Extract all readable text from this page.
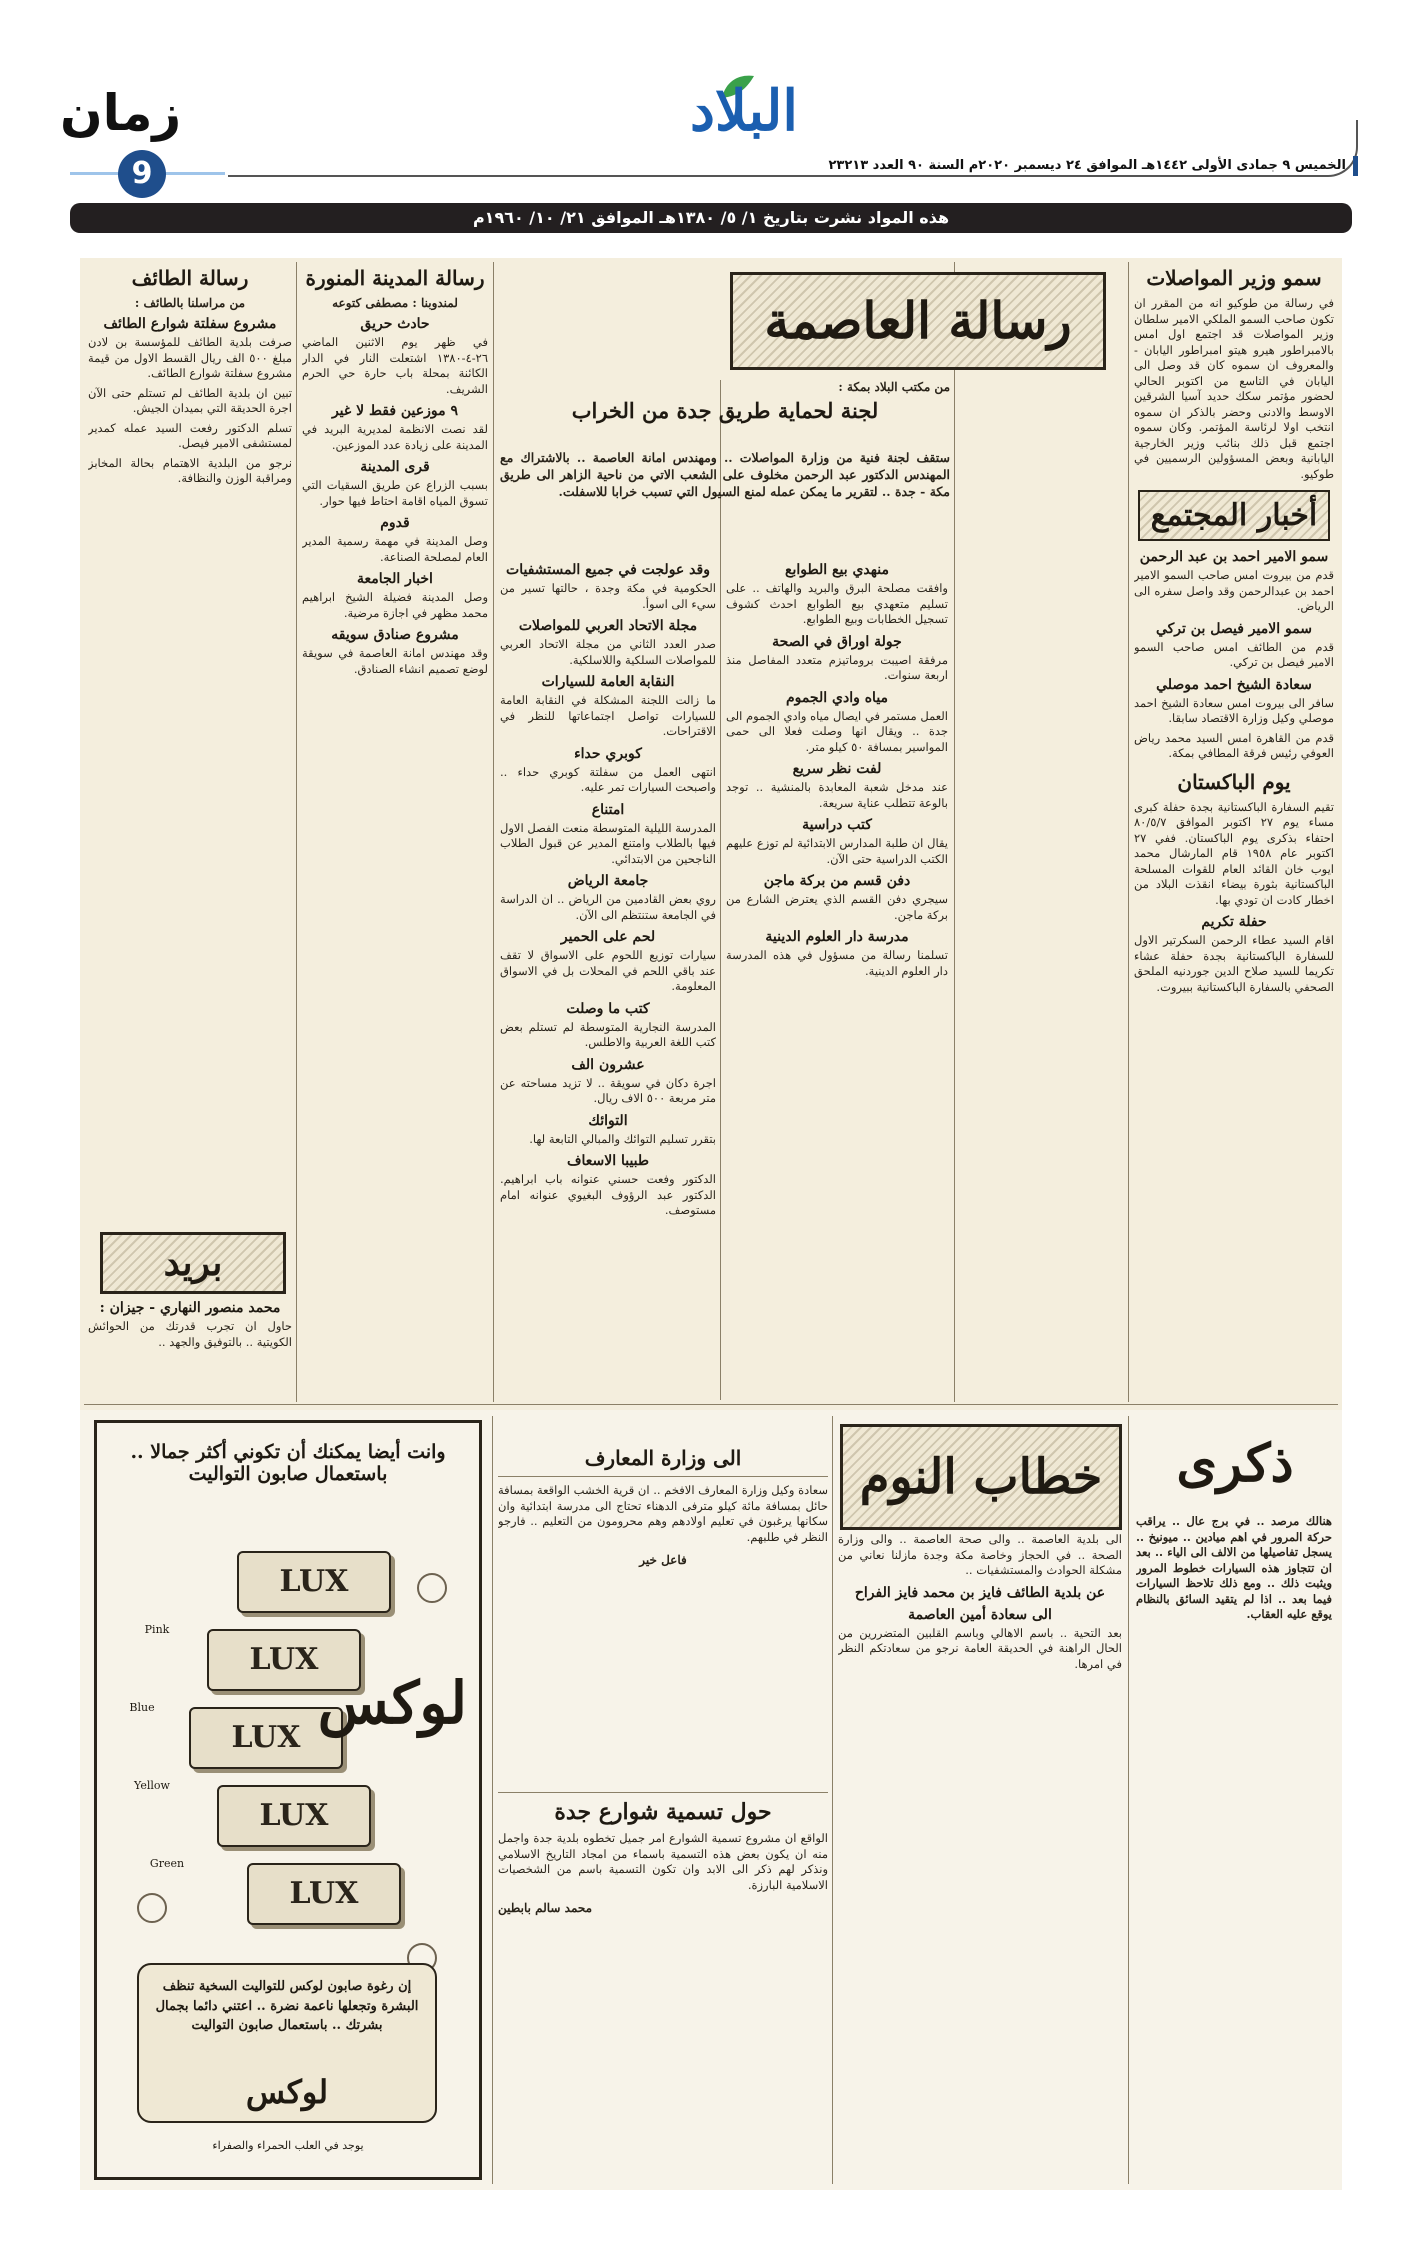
زمان
9
البلاد
الخميس ٩ جمادى الأولى ١٤٤٢هـ الموافق ٢٤ ديسمبر ٢٠٢٠م السنة ٩٠ العدد ٢٣٢١٣
هذه المواد نشرت بتاريخ ١/ ٥/ ١٣٨٠هـ الموافق ٢١/ ١٠/ ١٩٦٠م
سمو وزير المواصلات

في رسالة من طوكيو انه من المقرر ان تكون صاحب السمو الملكي الامير سلطان وزير المواصلات قد اجتمع اول امس بالامبراطور هيرو هيتو امبراطور اليابان - والمعروف ان سموه كان قد وصل الى اليابان في التاسع من اكتوبر الحالي لحضور مؤتمر سكك حديد آسيا الشرقين الاوسط والادنى وحضر بالذكر ان سموه انتخب اولا لرئاسة المؤتمر. وكان سموه اجتمع قبل ذلك بنائب وزير الخارجية اليابانية وبعض المسؤولين الرسميين في طوكيو.

أخبار المجتمع
سمو الامير احمد بن عبد الرحمن

قدم من بيروت امس صاحب السمو الامير احمد بن عبدالرحمن وقد واصل سفره الى الرياض.

سمو الامير فيصل بن تركي

قدم من الطائف امس صاحب السمو الامير فيصل بن تركي.

سعادة الشيخ احمد موصلي

سافر الى بيروت امس سعادة الشيخ احمد موصلي وكيل وزارة الاقتصاد سابقا.

قدم من القاهرة امس السيد محمد رياض العوفي رئيس فرقة المطافي بمكة.

يوم الباكستان

تقيم السفارة الباكستانية بجدة حفلة كبرى مساء يوم ٢٧ اكتوبر الموافق ٨٠/٥/٧ احتفاء بذكرى يوم الباكستان. ففي ٢٧ اكتوبر عام ١٩٥٨ قام المارشال محمد ايوب خان القائد العام للقوات المسلحة الباكستانية بثورة بيضاء انقذت البلاد من اخطار كادت ان تودي بها.

حفلة تكريم

اقام السيد عطاء الرحمن السكرتير الاول للسفارة الباكستانية بجدة حفلة عشاء تكريما للسيد صلاح الدين جوردنيه الملحق الصحفي بالسفارة الباكستانية ببيروت.

رسالة العاصمة
من مكتب البلاد بمكة :
لجنة لحماية طريق جدة من الخراب

ستقف لجنة فنية من وزارة المواصلات .. ومهندس امانة العاصمة .. بالاشتراك مع المهندس الدكتور عبد الرحمن مخلوف على الشعب الاتي من ناحية الزاهر الى طريق مكة - جدة .. لتقرير ما يمكن عمله لمنع السيول التي تسبب خرابا للاسفلت.

منهدي بيع الطوابع

وافقت مصلحة البرق والبريد والهاتف .. على تسليم متعهدي بيع الطوابع احدث كشوف تسجيل الخطابات وبيع الطوابع.

جولة اوراق في الصحة

مرفقة اصيبت بروماتيزم متعدد المفاصل منذ اربعة سنوات.

مياه وادي الجموم

العمل مستمر في ايصال مياه وادي الجموم الى جدة .. ويقال انها وصلت فعلا الى حمى المواسير بمسافة ٥٠ كيلو متر.

لفت نظر سريع

عند مدخل شعبة المعابدة بالمنشية .. توجد بالوعة تتطلب عناية سريعة.

كتب دراسية

يقال ان طلبة المدارس الابتدائية لم توزع عليهم الكتب الدراسية حتى الآن.

دفن قسم من بركة ماجن

سيجري دفن القسم الذي يعترض الشارع من بركة ماجن.

مدرسة دار العلوم الدينية

تسلمنا رسالة من مسؤول في هذه المدرسة دار العلوم الدينية.

وقد عولجت في جميع المستشفيات

الحكومية في مكة وجدة ، حالتها تسير من سيء الى اسوأ.

مجلة الاتحاد العربي للمواصلات

صدر العدد الثاني من مجلة الاتحاد العربي للمواصلات السلكية واللاسلكية.

النقابة العامة للسيارات

ما زالت اللجنة المشكلة في النقابة العامة للسيارات تواصل اجتماعاتها للنظر في الاقتراحات.

كوبري حداء

انتهى العمل من سفلتة كوبري حداء .. واصبحت السيارات تمر عليه.

امتناع

المدرسة الليلية المتوسطة منعت الفصل الاول فيها بالطلاب وامتنع المدير عن قبول الطلاب الناجحين من الابتدائي.

جامعة الرياض

روي بعض القادمين من الرياض .. ان الدراسة في الجامعة ستنتظم الى الآن.

لحم على الحمير

سيارات توزيع اللحوم على الاسواق لا تقف عند باقي اللحم في المحلات بل في الاسواق المعلومة.

كتب ما وصلت

المدرسة النجارية المتوسطة لم تستلم بعض كتب اللغة العربية والاطلس.

عشرون الف

اجرة دكان في سويقة .. لا تزيد مساحته عن متر مربعة ٥٠٠ الاف ريال.

التوائك

بتقرر تسليم التوائك والمبالي التابعة لها.

طبيبا الاسعاف

الدكتور وفعت حسني عنوانه باب ابراهيم. الدكتور عبد الرؤوف البغيوي عنوانه امام مستوصف.

رسالة المدينة المنورة
لمندوبنا : مصطفى كتوعه
حادث حريق

في ظهر يوم الاثنين الماضي ٢٦-٤-١٣٨٠ اشتعلت النار في الدار الكائنة بمحلة باب حارة حي الحرم الشريف.

٩ موزعين فقط لا غير

لقد نصت الانظمة لمديرية البريد في المدينة على زيادة عدد الموزعين.

قرى المدينة

بسبب الزراع عن طريق السقيات التي تسوق المياه اقامة احتاط فيها حوار.

قدوم

وصل المدينة في مهمة رسمية المدير العام لمصلحة الصناعة.

اخبار الجامعة

وصل المدينة فضيلة الشيخ ابراهيم محمد مظهر في اجازة مرضية.

مشروع صنادق سويقه

وقد مهندس امانة العاصمة في سويقة لوضع تصميم انشاء الصنادق.

رسالة الطائف
من مراسلنا بالطائف :
مشروع سفلتة شوارع الطائف

صرفت بلدية الطائف للمؤسسة بن لادن مبلغ ٥٠٠ الف ريال القسط الاول من قيمة مشروع سفلتة شوارع الطائف.

تبين ان بلدية الطائف لم تستلم حتى الآن اجرة الحديقة التي بميدان الجيش.

تسلم الدكتور رفعت السيد عمله كمدير لمستشفى الامير فيصل.

نرجو من البلدية الاهتمام بحالة المخابز ومراقبة الوزن والنظافة.

بريد
محمد منصور النهاري - جيزان :

حاول ان تجرب قدرتك من الحوائش الكويتية .. بالتوفيق والجهد ..

وانت أيضا يمكنك أن تكوني أكثر جمالا .. باستعمال صابون التواليت
LUX
LUX
LUX
LUX
LUX
Pink
Blue
Yellow
Green
لوكس
إن رغوة صابون لوكس للتواليت السخية تنظف البشرة وتجعلها ناعمة نضرة .. اعتني دائما بجمال بشرتك .. باستعمال صابون التواليت
لوكس
يوجد في العلب الحمراء والصفراء
الى وزارة المعارف

سعادة وكيل وزارة المعارف الافخم .. ان قرية الخشب الواقعة بمسافة حائل بمسافة مائة كيلو مترفى الدهناء تحتاج الى مدرسة ابتدائية وان سكانها يرغبون في تعليم اولادهم وهم محرومون من التعليم .. فارجو النظر في طلبهم.

فاعل خير
خطاب النوم

الى بلدية العاصمة .. والى صحة العاصمة .. والى وزارة الصحة .. في الحجاز وخاصة مكة وجدة مازلنا نعاني من مشكلة الحوادث والمستشفيات ..

عن بلدية الطائف فايز بن محمد فايز الفراح
الى سعادة أمين العاصمة

بعد التحية .. باسم الاهالي وباسم القلبين المتضررين من الحال الراهنة في الحديقة العامة نرجو من سعادتكم النظر في امرها.

حول تسمية شوارع جدة

الواقع ان مشروع تسمية الشوارع امر جميل تخطوه بلدية جدة واجمل منه ان يكون بعض هذه التسمية باسماء من امجاد التاريخ الاسلامي ونذكر لهم ذكر الى الابد وان تكون التسمية باسم من الشخصيات الاسلامية البارزة.

محمد سالم بابطين
ذكرى

هنالك مرصد .. في برج عال .. يراقب حركة المرور في اهم ميادين .. ميونيخ .. يسجل تفاصيلها من الالف الى الياء .. بعد ان تتجاوز هذه السيارات خطوط المرور ويثبت ذلك .. ومع ذلك تلاحظ السيارات فيما بعد .. اذا لم يتقيد السائق بالنظام يوقع عليه العقاب.
